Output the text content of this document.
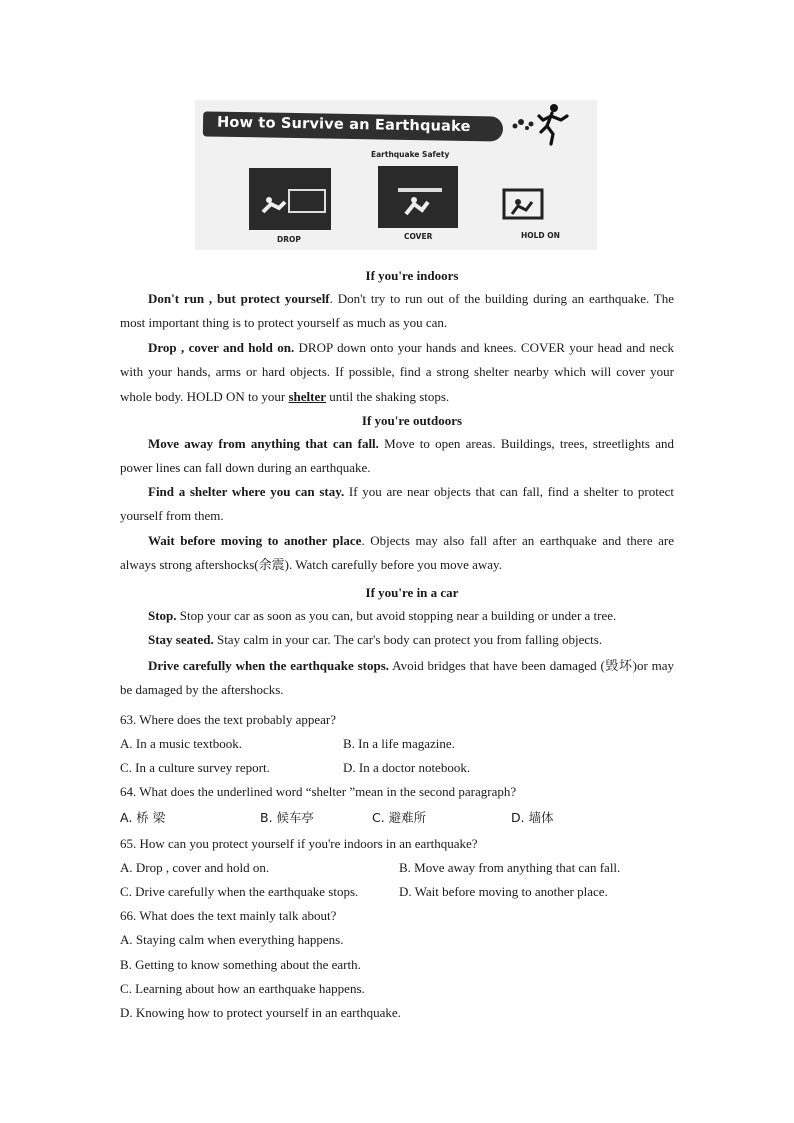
How to Survive an Earthquake
Earthquake Safety
DROP	COVER	HOLD ON
If you're indoors

Don't run , but protect yourself. Don't try to run out of the building during an earthquake. The most important thing is to protect yourself as much as you can.

Drop , cover and hold on. DROP down onto your hands and knees. COVER your head and neck with your hands, arms or hard objects. If possible, find a strong shelter nearby which will cover your whole body. HOLD ON to your shelter until the shaking stops.

If you're outdoors

Move away from anything that can fall. Move to open areas. Buildings, trees, streetlights and power lines can fall down during an earthquake.

Find a shelter where you can stay. If you are near objects that can fall, find a shelter to protect yourself from them.

Wait before moving to another place. Objects may also fall after an earthquake and there are always strong aftershocks(余震). Watch carefully before you move away.

If you're in a car

Stop. Stop your car as soon as you can, but avoid stopping near a building or under a tree.

Stay seated. Stay calm in your car. The car's body can protect you from falling objects.

Drive carefully when the earthquake stops. Avoid bridges that have been damaged (毁坏)or may be damaged by the aftershocks.

63. Where does the text probably appear?
A. In a music textbook.	B. In a life magazine.
C. In a culture survey report.	D. In a doctor notebook.
64. What does the underlined word “shelter ”mean in the second paragraph?
A. 桥 梁	B. 候车亭	C. 避难所	D. 墙体
65. How can you protect yourself if you're indoors in an earthquake?
A. Drop , cover and hold on.	B. Move away from anything that can fall.
C. Drive carefully when the earthquake stops.	D. Wait before moving to another place.
66. What does the text mainly talk about?
A. Staying calm when everything happens.
B. Getting to know something about the earth.
C. Learning about how an earthquake happens.
D. Knowing how to protect yourself in an earthquake.
